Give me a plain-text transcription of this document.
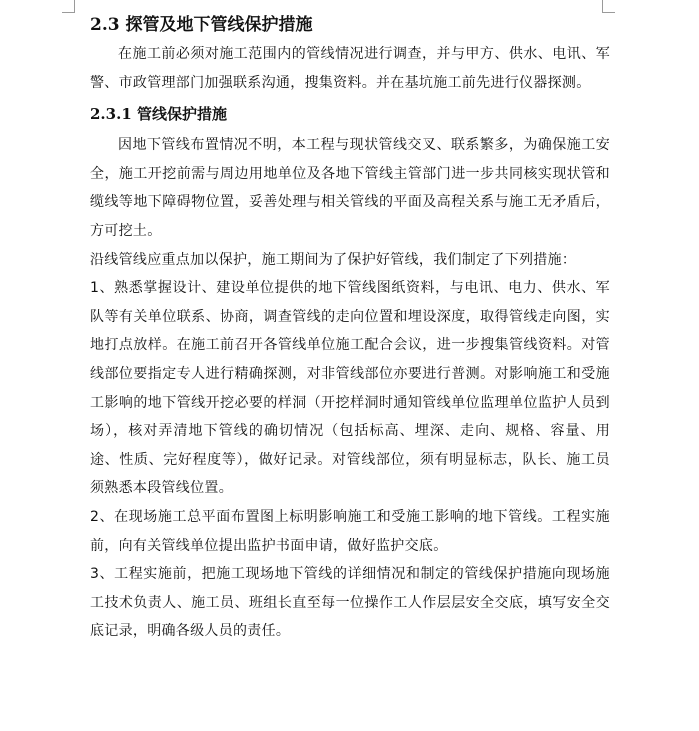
2.3 探管及地下管线保护措施

在施工前必须对施工范围内的管线情况进行调查，并与甲方、供水、电讯、军警、市政管理部门加强联系沟通，搜集资料。并在基坑施工前先进行仪器探测。

2.3.1 管线保护措施

因地下管线布置情况不明，本工程与现状管线交叉、联系繁多，为确保施工安全，施工开挖前需与周边用地单位及各地下管线主管部门进一步共同核实现状管和缆线等地下障碍物位置，妥善处理与相关管线的平面及高程关系与施工无矛盾后，方可挖土。

沿线管线应重点加以保护，施工期间为了保护好管线，我们制定了下列措施：

1、熟悉掌握设计、建设单位提供的地下管线图纸资料，与电讯、电力、供水、军队等有关单位联系、协商，调查管线的走向位置和埋设深度，取得管线走向图，实地打点放样。在施工前召开各管线单位施工配合会议，进一步搜集管线资料。对管线部位要指定专人进行精确探测，对非管线部位亦要进行普测。对影响施工和受施工影响的地下管线开挖必要的样洞（开挖样洞时通知管线单位监理单位监护人员到场），核对弄清地下管线的确切情况（包括标高、埋深、走向、规格、容量、用途、性质、完好程度等），做好记录。对管线部位，须有明显标志，队长、施工员须熟悉本段管线位置。

2、在现场施工总平面布置图上标明影响施工和受施工影响的地下管线。工程实施前，向有关管线单位提出监护书面申请，做好监护交底。

3、工程实施前，把施工现场地下管线的详细情况和制定的管线保护措施向现场施工技术负责人、施工员、班组长直至每一位操作工人作层层安全交底，填写安全交底记录，明确各级人员的责任。
